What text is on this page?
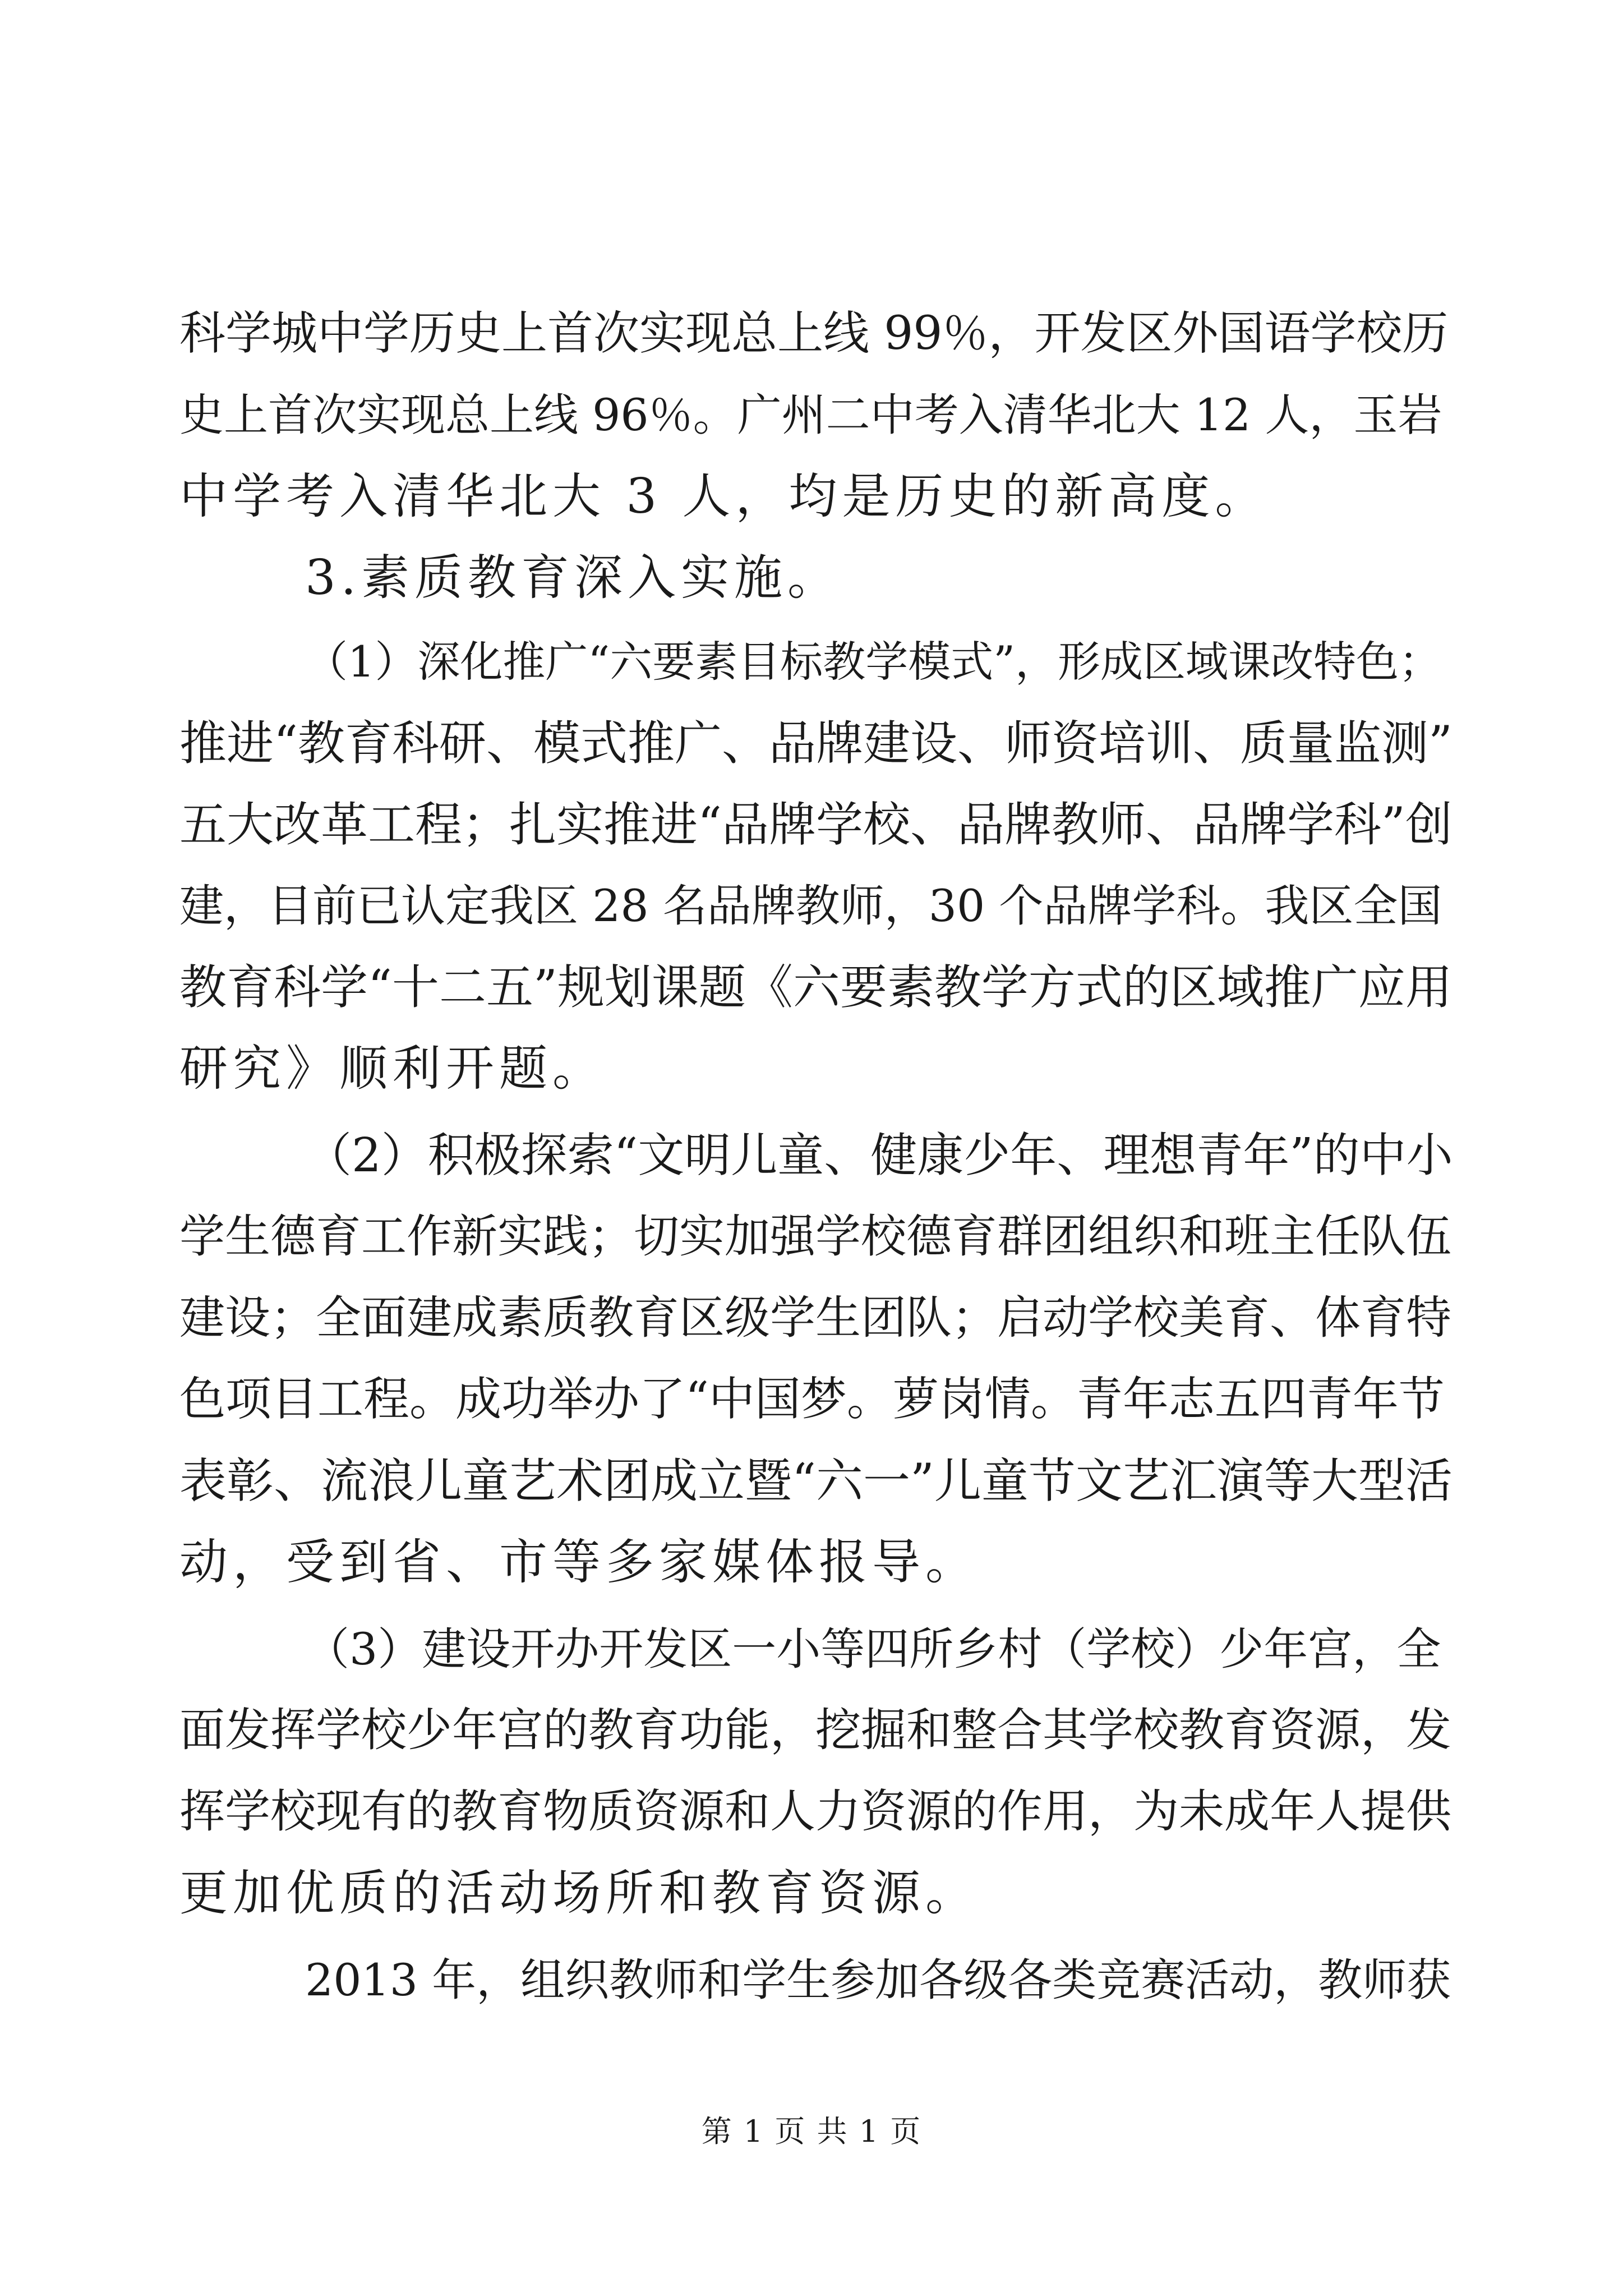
科学城中学历史上首次实现总上线 99％，开发区外国语学校历
史上首次实现总上线 96％。广州二中考入清华北大 12 人，玉岩
中学考入清华北大 3 人，均是历史的新高度。
3.素质教育深入实施。
（1）深化推广“六要素目标教学模式”，形成区域课改特色；
推进“教育科研、模式推广、品牌建设、师资培训、质量监测”
五大改革工程；扎实推进“品牌学校、品牌教师、品牌学科”创
建，目前已认定我区 28 名品牌教师，30 个品牌学科。我区全国
教育科学“十二五”规划课题《六要素教学方式的区域推广应用
研究》顺利开题。
（2）积极探索“文明儿童、健康少年、理想青年”的中小
学生德育工作新实践；切实加强学校德育群团组织和班主任队伍
建设；全面建成素质教育区级学生团队；启动学校美育、体育特
色项目工程。成功举办了“中国梦。萝岗情。青年志五四青年节
表彰、流浪儿童艺术团成立暨“六一”儿童节文艺汇演等大型活
动，受到省、市等多家媒体报导。
（3）建设开办开发区一小等四所乡村（学校）少年宫，全
面发挥学校少年宫的教育功能，挖掘和整合其学校教育资源，发
挥学校现有的教育物质资源和人力资源的作用，为未成年人提供
更加优质的活动场所和教育资源。
2013 年，组织教师和学生参加各级各类竞赛活动，教师获
第 1 页 共 1 页
